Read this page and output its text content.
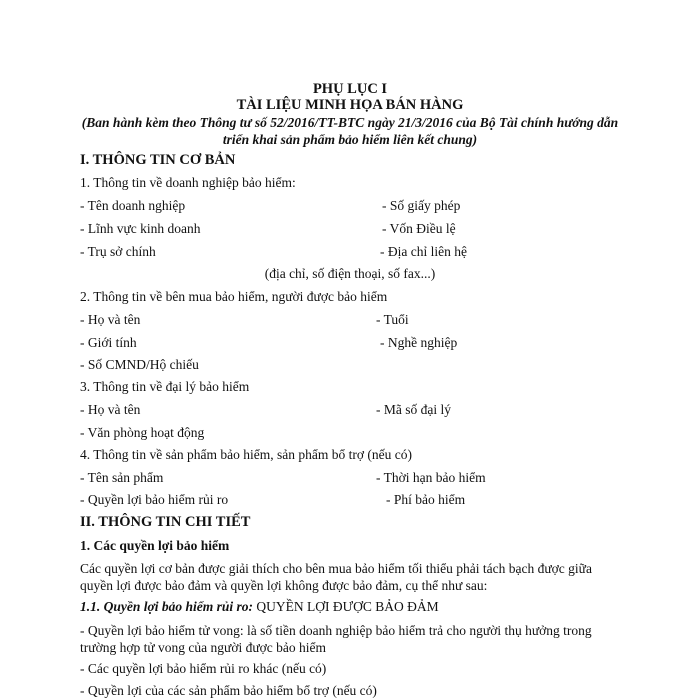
PHỤ LỤC I
TÀI LIỆU MINH HỌA BÁN HÀNG
(Ban hành kèm theo Thông tư số 52/2016/TT-BTC ngày 21/3/2016 của Bộ Tài chính hướng dẫn
triển khai sản phẩm bảo hiểm liên kết chung)
I. THÔNG TIN CƠ BẢN
1. Thông tin về doanh nghiệp bảo hiểm:
- Tên doanh nghiệp	- Số giấy phép
- Lĩnh vực kinh doanh	- Vốn Điều lệ
- Trụ sở chính	- Địa chỉ liên hệ
(địa chỉ, số điện thoại, số fax...)
2. Thông tin về bên mua bảo hiểm, người được bảo hiểm
- Họ và tên	- Tuổi
- Giới tính	- Nghề nghiệp
- Số CMND/Hộ chiếu
3. Thông tin về đại lý bảo hiểm
- Họ và tên	- Mã số đại lý
- Văn phòng hoạt động
4. Thông tin về sản phẩm bảo hiểm, sản phẩm bổ trợ (nếu có)
- Tên sản phẩm	- Thời hạn bảo hiểm
- Quyền lợi bảo hiểm rủi ro	- Phí bảo hiểm
II. THÔNG TIN CHI TIẾT
1. Các quyền lợi bảo hiểm
Các quyền lợi cơ bản được giải thích cho bên mua bảo hiểm tối thiểu phải tách bạch được giữa
quyền lợi được bảo đảm và quyền lợi không được bảo đảm, cụ thể như sau:
1.1. Quyền lợi bảo hiểm rủi ro: QUYỀN LỢI ĐƯỢC BẢO ĐẢM
- Quyền lợi bảo hiểm tử vong: là số tiền doanh nghiệp bảo hiểm trả cho người thụ hưởng trong
trường hợp tử vong của người được bảo hiểm
- Các quyền lợi bảo hiểm rủi ro khác (nếu có)
- Quyền lợi của các sản phẩm bảo hiểm bổ trợ (nếu có)
